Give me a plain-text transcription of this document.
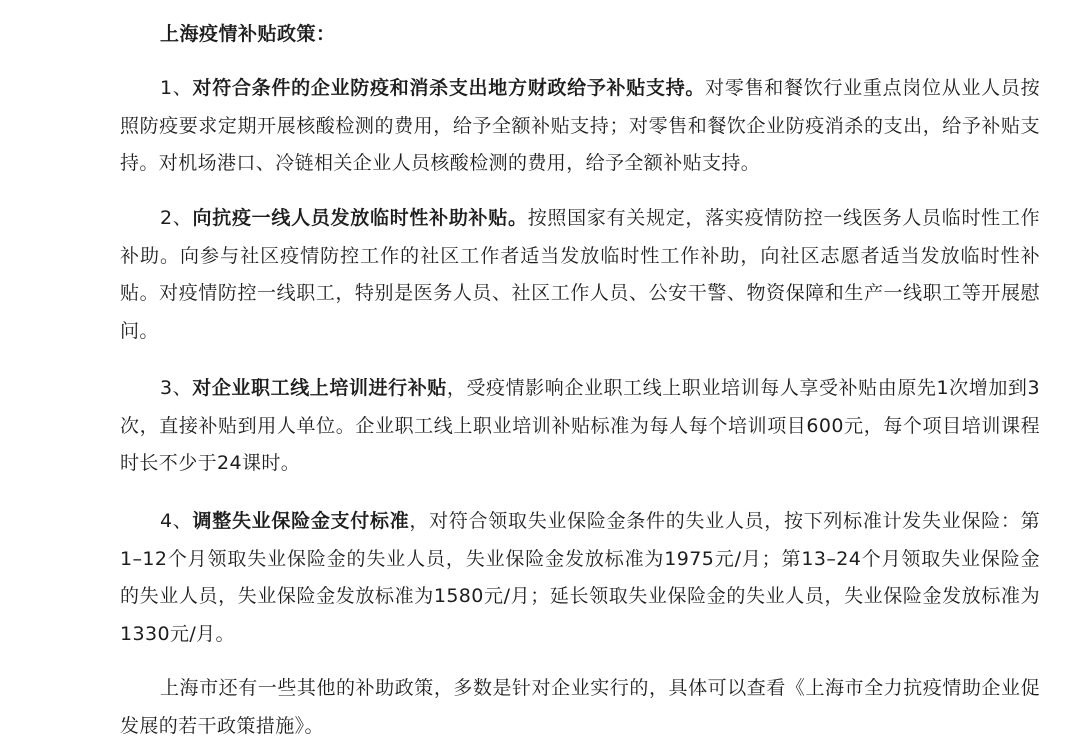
上海疫情补贴政策：

1、对符合条件的企业防疫和消杀支出地方财政给予补贴支持。对零售和餐饮行业重点岗位从业人员按照防疫要求定期开展核酸检测的费用，给予全额补贴支持；对零售和餐饮企业防疫消杀的支出，给予补贴支持。对机场港口、冷链相关企业人员核酸检测的费用，给予全额补贴支持。

2、向抗疫一线人员发放临时性补助补贴。按照国家有关规定，落实疫情防控一线医务人员临时性工作补助。向参与社区疫情防控工作的社区工作者适当发放临时性工作补助，向社区志愿者适当发放临时性补贴。对疫情防控一线职工，特别是医务人员、社区工作人员、公安干警、物资保障和生产一线职工等开展慰问。

3、对企业职工线上培训进行补贴，受疫情影响企业职工线上职业培训每人享受补贴由原先1次增加到3次，直接补贴到用人单位。企业职工线上职业培训补贴标准为每人每个培训项目600元，每个项目培训课程时长不少于24课时。

4、调整失业保险金支付标准，对符合领取失业保险金条件的失业人员，按下列标准计发失业保险：第1–12个月领取失业保险金的失业人员，失业保险金发放标准为1975元/月；第13–24个月领取失业保险金的失业人员，失业保险金发放标准为1580元/月；延长领取失业保险金的失业人员，失业保险金发放标准为1330元/月。

上海市还有一些其他的补助政策，多数是针对企业实行的，具体可以查看《上海市全力抗疫情助企业促发展的若干政策措施》。
